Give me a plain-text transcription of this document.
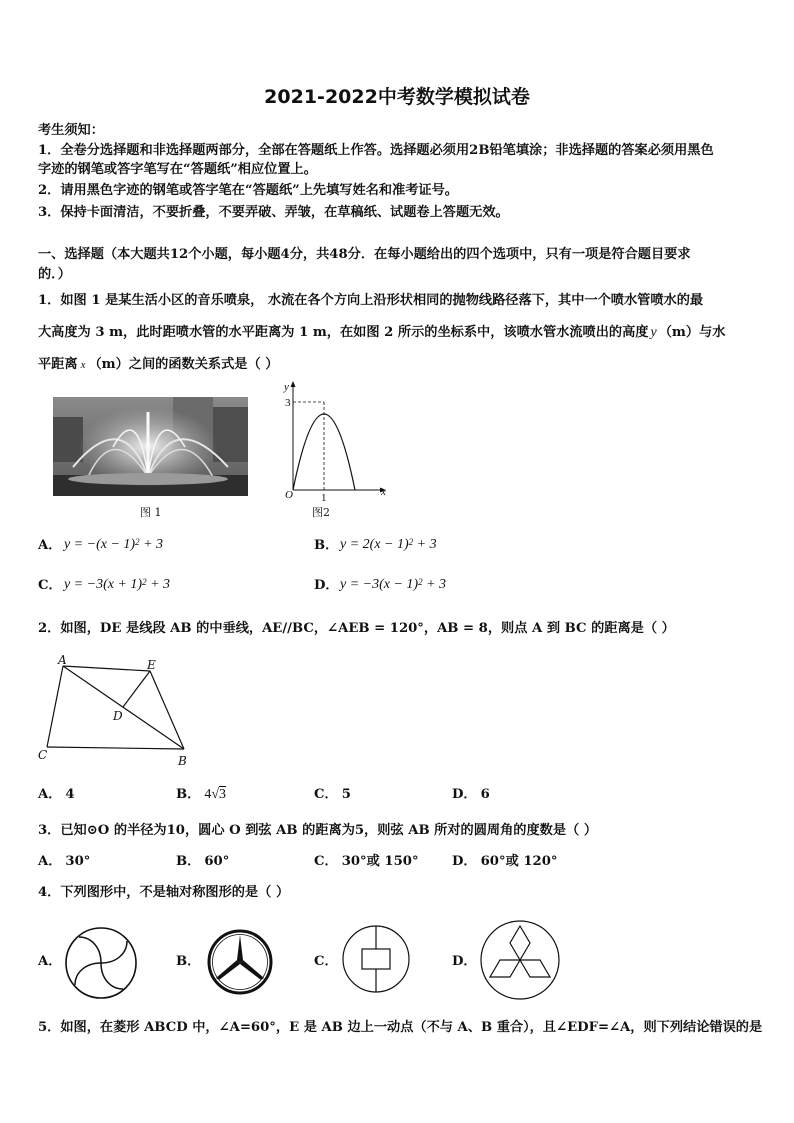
2021-2022中考数学模拟试卷
考生须知：
1．全卷分选择题和非选择题两部分，全部在答题纸上作答。选择题必须用2B铅笔填涂；非选择题的答案必须用黑色
字迹的钢笔或答字笔写在“答题纸”相应位置上。
2．请用黑色字迹的钢笔或答字笔在“答题纸”上先填写姓名和准考证号。
3．保持卡面清洁，不要折叠，不要弄破、弄皱，在草稿纸、试题卷上答题无效。
一、选择题（本大题共12个小题，每小题4分，共48分．在每小题给出的四个选项中，只有一项是符合题目要求
的．）
1．如图 1 是某生活小区的音乐喷泉， 水流在各个方向上沿形状相同的抛物线路径落下，其中一个喷水管喷水的最
大高度为 3 m，此时距喷水管的水平距离为 1 m，在如图 2 所示的坐标系中，该喷水管水流喷出的高度 y （m）与水
平距离 x （m）之间的函数关系式是（ ）
图 1
y
x
O
3
1
图2
A． $y = -(x - 1)^2 + 3$	B． $y = 2(x - 1)^2 + 3$
C． $y = -3(x + 1)^2 + 3$	D． $y = -3(x - 1)^2 + 3$
2．如图，DE 是线段 AB 的中垂线，AE//BC，∠AEB = 120°，AB = 8，则点 A 到 BC 的距离是（ ）
A	E
D
C	B
A． 4	B． 4√3	C． 5	D． 6
3．已知⊙O 的半径为10，圆心 O 到弦 AB 的距离为5，则弦 AB 所对的圆周角的度数是（ ）
A． 30°	B． 60°	C． 30°或 150°	D． 60°或 120°
4．下列图形中，不是轴对称图形的是（ ）
A．	B．	C．	D．
5．如图，在菱形 ABCD 中，∠A=60°，E 是 AB 边上一动点（不与 A、B 重合），且∠EDF=∠A，则下列结论错误的是
